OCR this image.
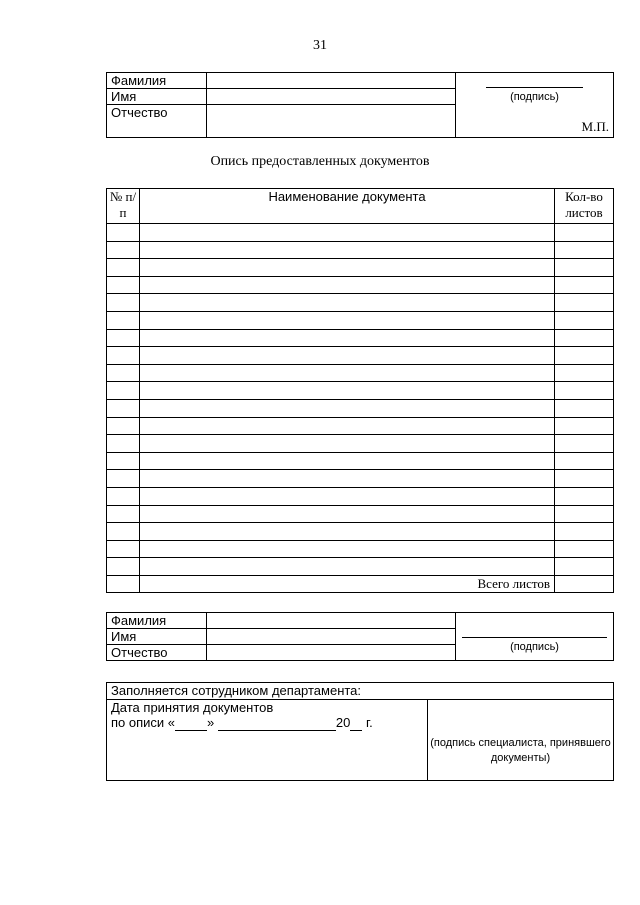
31
Фамилия		(подпись)
М.П.

Имя		
Отчество		
Опись предоставленных документов
№ п/п	Наименование документа	Кол-во листов

	Всего листов	
Фамилия		(подпись)

Имя		
Отчество		
Заполняется сотрудником департамента:

Дата принятия документов
по описи « »	20 г.

(подпись специалиста, принявшего документы)
